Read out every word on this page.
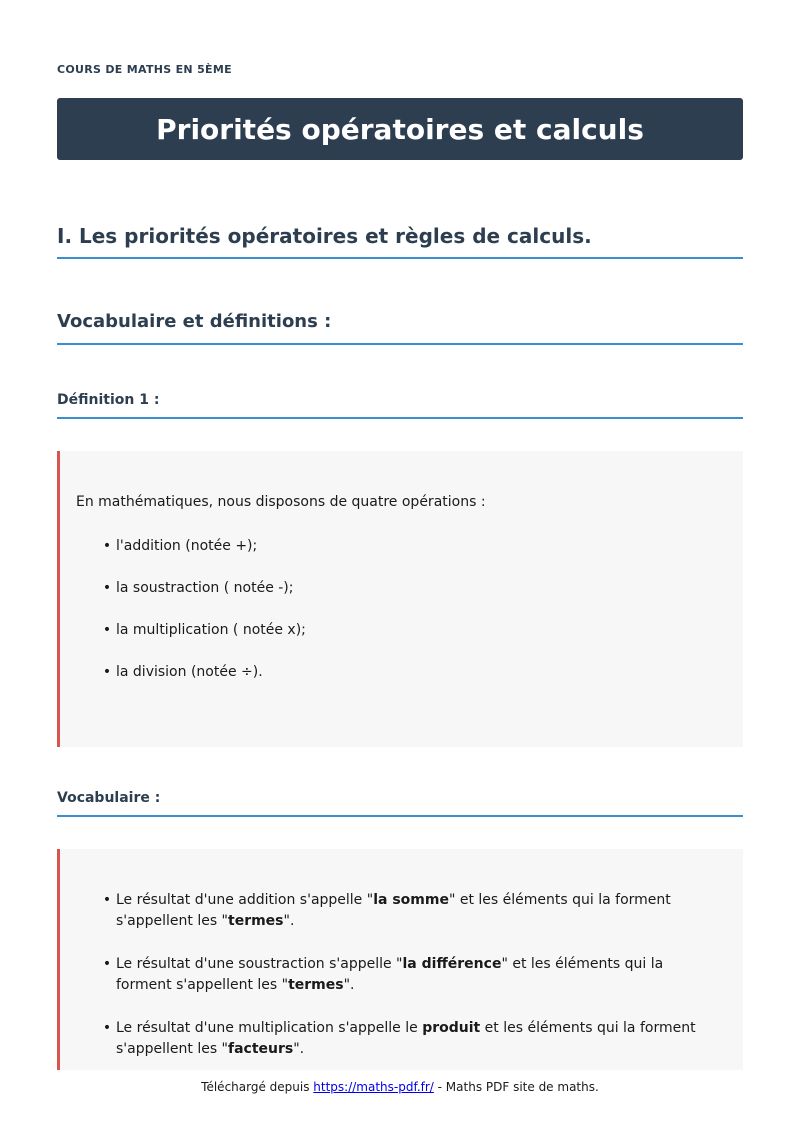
COURS DE MATHS EN 5ÈME
Priorités opératoires et calculs
I. Les priorités opératoires et règles de calculs.
Vocabulaire et définitions :
Définition 1 :

En mathématiques, nous disposons de quatre opérations :

• l'addition (notée +);
• la soustraction ( notée -);
• la multiplication ( notée x);
• la division (notée ÷).
Vocabulaire :
• Le résultat d'une addition s'appelle "la somme" et les éléments qui la forment s'appellent les "termes".
• Le résultat d'une soustraction s'appelle "la différence" et les éléments qui la forment s'appellent les "termes".
• Le résultat d'une multiplication s'appelle le produit et les éléments qui la forment s'appellent les "facteurs".
Téléchargé depuis https://maths-pdf.fr/ - Maths PDF site de maths.
